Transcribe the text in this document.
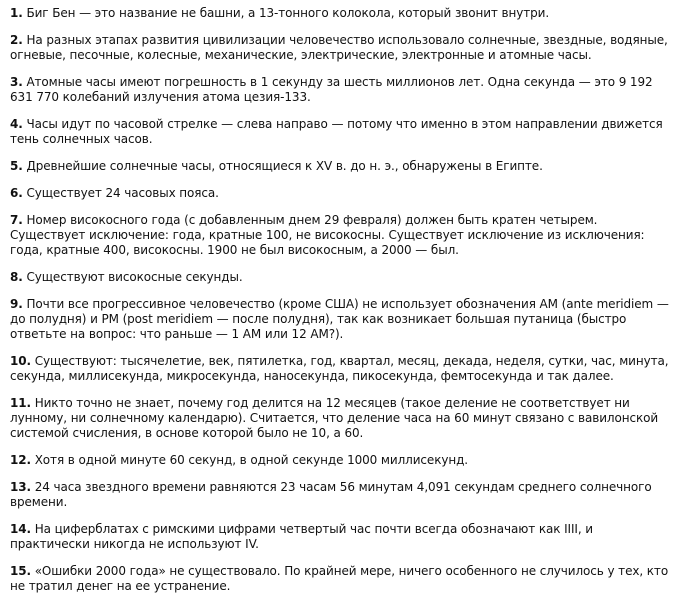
1. Биг Бен — это название не башни, а 13-тонного колокола, который звонит внутри.
2. На разных этапах развития цивилизации человечество использовало солнечные, звездные, водяные, огневые, песочные, колесные, механические, электрические, электронные и атомные часы.
3. Атомные часы имеют погрешность в 1 секунду за шесть миллионов лет. Одна секунда — это 9 192 631 770 колебаний излучения атома цезия-133.
4. Часы идут по часовой стрелке — слева направо — потому что именно в этом направлении движется тень солнечных часов.
5. Древнейшие солнечные часы, относящиеся к XV в. до н. э., обнаружены в Египте.
6. Существует 24 часовых пояса.
7. Номер високосного года (с добавленным днем 29 февраля) должен быть кратен четырем. Существует исключение: года, кратные 100, не високосны. Существует исключение из исключения: года, кратные 400, високосны. 1900 не был високосным, а 2000 — был.
8. Существуют високосные секунды.
9. Почти все прогрессивное человечество (кроме США) не использует обозначения AM (ante meridiem — до полудня) и PM (post meridiem — после полудня), так как возникает большая путаница (быстро ответьте на вопрос: что раньше — 1 AM или 12 AM?).
10. Существуют: тысячелетие, век, пятилетка, год, квартал, месяц, декада, неделя, сутки, час, минута, секунда, миллисекунда, микросекунда, наносекунда, пикосекунда, фемтосекунда и так далее.
11. Никто точно не знает, почему год делится на 12 месяцев (такое деление не соответствует ни лунному, ни солнечному календарю). Считается, что деление часа на 60 минут связано с вавилонской системой счисления, в основе которой было не 10, а 60.
12. Хотя в одной минуте 60 секунд, в одной секунде 1000 миллисекунд.
13. 24 часа звездного времени равняются 23 часам 56 минутам 4,091 секундам среднего солнечного времени.
14. На циферблатах с римскими цифрами четвертый час почти всегда обозначают как IIII, и практически никогда не используют IV.
15. «Ошибки 2000 года» не существовало. По крайней мере, ничего особенного не случилось у тех, кто не тратил денег на ее устранение.
